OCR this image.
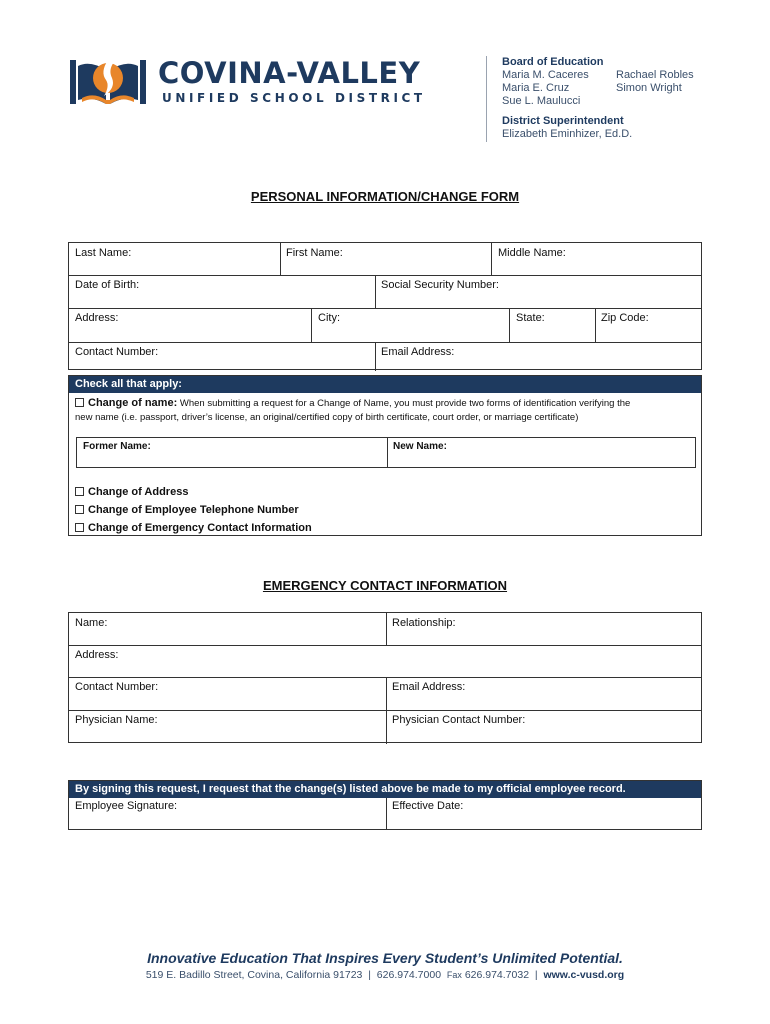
COVINA-VALLEY
UNIFIED SCHOOL DISTRICT
Board of Education
Maria M. Caceres	Rachael Robles
Maria E. Cruz	Simon Wright
Sue L. Maulucci
District Superintendent
Elizabeth Eminhizer, Ed.D.
PERSONAL INFORMATION/CHANGE FORM
Last Name:	First Name:	Middle Name:
Date of Birth:	Social Security Number:
Address:	City:	State:	Zip Code:
Contact Number:	Email Address:
Check all that apply:
Change of name: When submitting a request for a Change of Name, you must provide two forms of identification verifying the
new name (i.e. passport, driver’s license, an original/certified copy of birth certificate, court order, or marriage certificate)
Former Name:	New Name:
Change of Address
Change of Employee Telephone Number
Change of Emergency Contact Information
EMERGENCY CONTACT INFORMATION
Name:	Relationship:
Address:
Contact Number:	Email Address:
Physician Name:	Physician Contact Number:
By signing this request, I request that the change(s) listed above be made to my official employee record.
Employee Signature:	Effective Date:
Innovative Education That Inspires Every Student’s Unlimited Potential.
519 E. Badillo Street, Covina, California 91723  |  626.974.7000 Fax 626.974.7032  |  www.c-vusd.org
